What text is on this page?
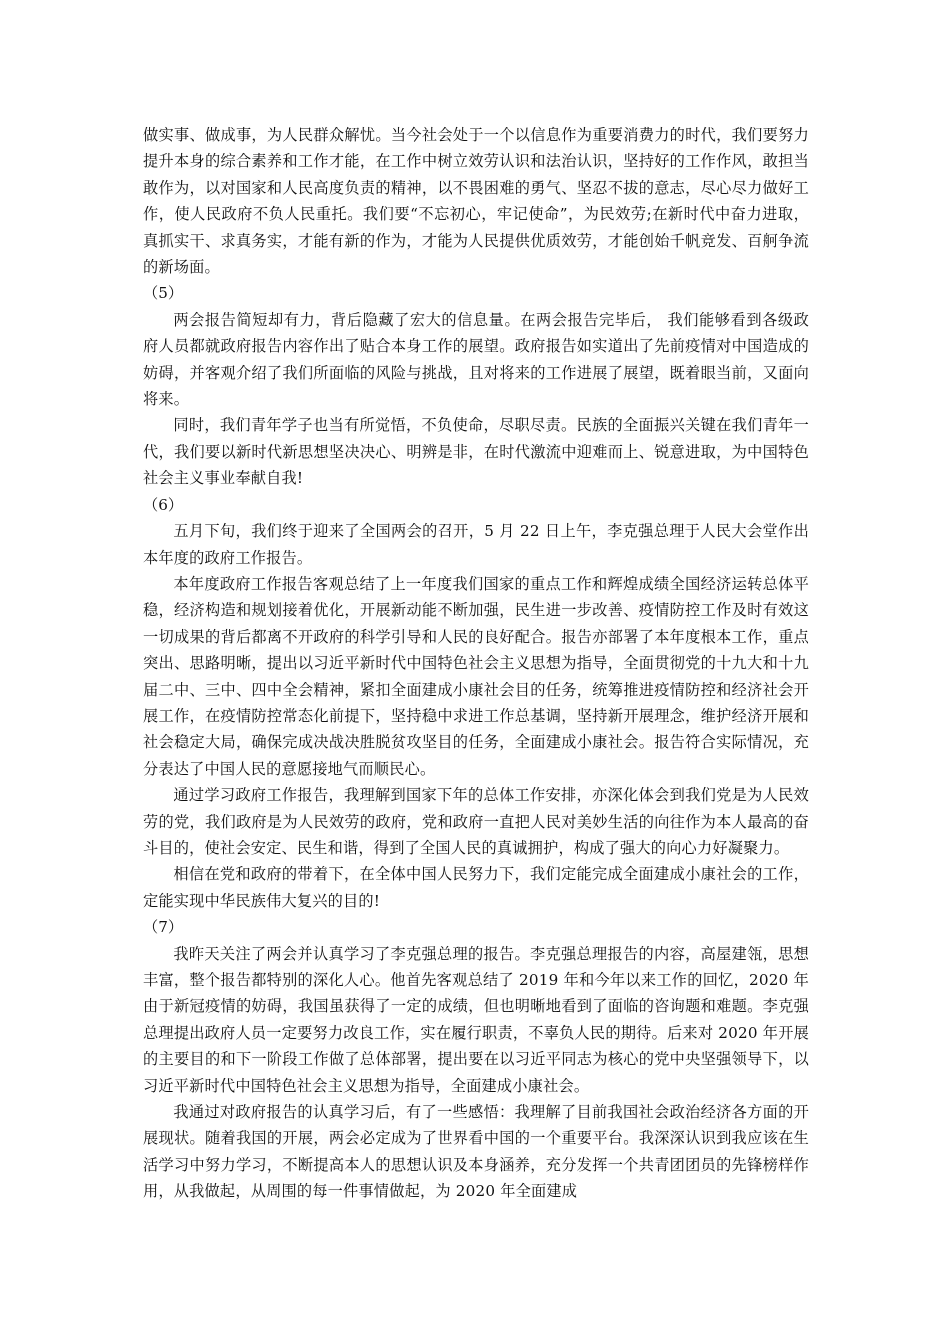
做实事、做成事，为人民群众解忧。当今社会处于一个以信息作为重要消费力的时代，我们要努力提升本身的综合素养和工作才能，在工作中树立效劳认识和法治认识，坚持好的工作作风，敢担当敢作为，以对国家和人民高度负责的精神，以不畏困难的勇气、坚忍不拔的意志，尽心尽力做好工作，使人民政府不负人民重托。我们要“不忘初心，牢记使命”，为民效劳;在新时代中奋力进取，真抓实干、求真务实，才能有新的作为，才能为人民提供优质效劳，才能创始千帆竞发、百舸争流的新场面。

（5）

两会报告简短却有力，背后隐藏了宏大的信息量。在两会报告完毕后， 我们能够看到各级政府人员都就政府报告内容作出了贴合本身工作的展望。政府报告如实道出了先前疫情对中国造成的妨碍，并客观介绍了我们所面临的风险与挑战，且对将来的工作进展了展望，既着眼当前，又面向将来。

同时，我们青年学子也当有所觉悟，不负使命，尽职尽责。民族的全面振兴关键在我们青年一代，我们要以新时代新思想坚决决心、明辨是非，在时代激流中迎难而上、锐意进取，为中国特色社会主义事业奉献自我!

（6）

五月下旬，我们终于迎来了全国两会的召开，5 月 22 日上午，李克强总理于人民大会堂作出本年度的政府工作报告。

本年度政府工作报告客观总结了上一年度我们国家的重点工作和辉煌成绩全国经济运转总体平稳，经济构造和规划接着优化，开展新动能不断加强，民生进一步改善、疫情防控工作及时有效这一切成果的背后都离不开政府的科学引导和人民的良好配合。报告亦部署了本年度根本工作，重点突出、思路明晰，提出以习近平新时代中国特色社会主义思想为指导，全面贯彻党的十九大和十九届二中、三中、四中全会精神，紧扣全面建成小康社会目的任务，统筹推进疫情防控和经济社会开展工作，在疫情防控常态化前提下，坚持稳中求进工作总基调，坚持新开展理念，维护经济开展和社会稳定大局，确保完成决战决胜脱贫攻坚目的任务，全面建成小康社会。报告符合实际情况，充分表达了中国人民的意愿接地气而顺民心。

通过学习政府工作报告，我理解到国家下年的总体工作安排，亦深化体会到我们党是为人民效劳的党，我们政府是为人民效劳的政府，党和政府一直把人民对美妙生活的向往作为本人最高的奋斗目的，使社会安定、民生和谐，得到了全国人民的真诚拥护，构成了强大的向心力好凝聚力。

相信在党和政府的带着下，在全体中国人民努力下，我们定能完成全面建成小康社会的工作，定能实现中华民族伟大复兴的目的!

（7）

我昨天关注了两会并认真学习了李克强总理的报告。李克强总理报告的内容，高屋建瓴，思想丰富，整个报告都特别的深化人心。他首先客观总结了 2019 年和今年以来工作的回忆，2020 年由于新冠疫情的妨碍，我国虽获得了一定的成绩，但也明晰地看到了面临的咨询题和难题。李克强总理提出政府人员一定要努力改良工作，实在履行职责，不辜负人民的期待。后来对 2020 年开展的主要目的和下一阶段工作做了总体部署，提出要在以习近平同志为核心的党中央坚强领导下，以习近平新时代中国特色社会主义思想为指导，全面建成小康社会。

我通过对政府报告的认真学习后，有了一些感悟：我理解了目前我国社会政治经济各方面的开展现状。随着我国的开展，两会必定成为了世界看中国的一个重要平台。我深深认识到我应该在生活学习中努力学习，不断提高本人的思想认识及本身涵养，充分发挥一个共青团团员的先锋榜样作用，从我做起，从周围的每一件事情做起，为 2020 年全面建成
